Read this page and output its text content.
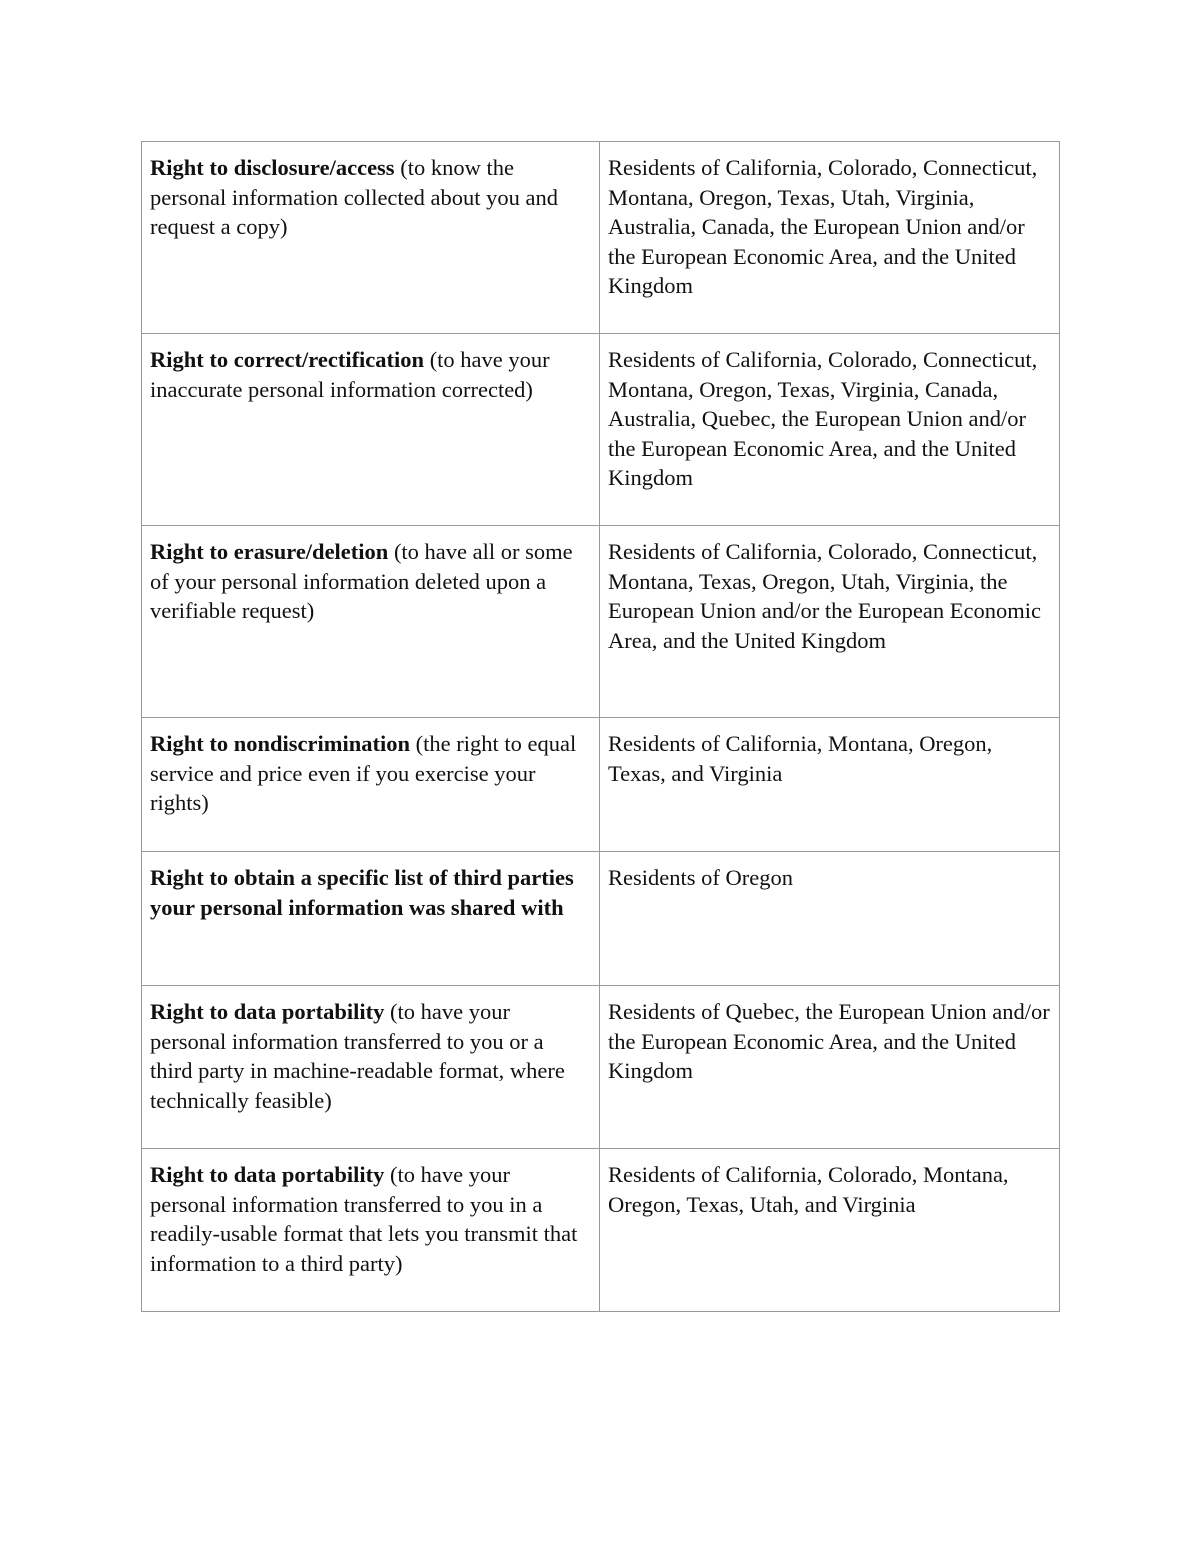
Right to disclosure/access (to know the personal information collected about you and request a copy)	Residents of California, Colorado, Connecticut, Montana, Oregon, Texas, Utah, Virginia, Australia, Canada, the European Union and/or the European Economic Area, and the United Kingdom
Right to correct/rectification (to have your inaccurate personal information corrected)	Residents of California, Colorado, Connecticut, Montana, Oregon, Texas, Virginia, Canada, Australia, Quebec, the European Union and/or the European Economic Area, and the United Kingdom
Right to erasure/deletion (to have all or some of your personal information deleted upon a verifiable request)	Residents of California, Colorado, Connecticut, Montana, Texas, Oregon, Utah, Virginia, the European Union and/or the European Economic Area, and the United Kingdom
Right to nondiscrimination (the right to equal service and price even if you exercise your rights)	Residents of California, Montana, Oregon, Texas, and Virginia
Right to obtain a specific list of third parties your personal information was shared with	Residents of Oregon
Right to data portability (to have your personal information transferred to you or a third party in machine-readable format, where technically feasible)	Residents of Quebec, the European Union and/or the European Economic Area, and the United Kingdom
Right to data portability (to have your personal information transferred to you in a readily-usable format that lets you transmit that information to a third party)	Residents of California, Colorado, Montana, Oregon, Texas, Utah, and Virginia
